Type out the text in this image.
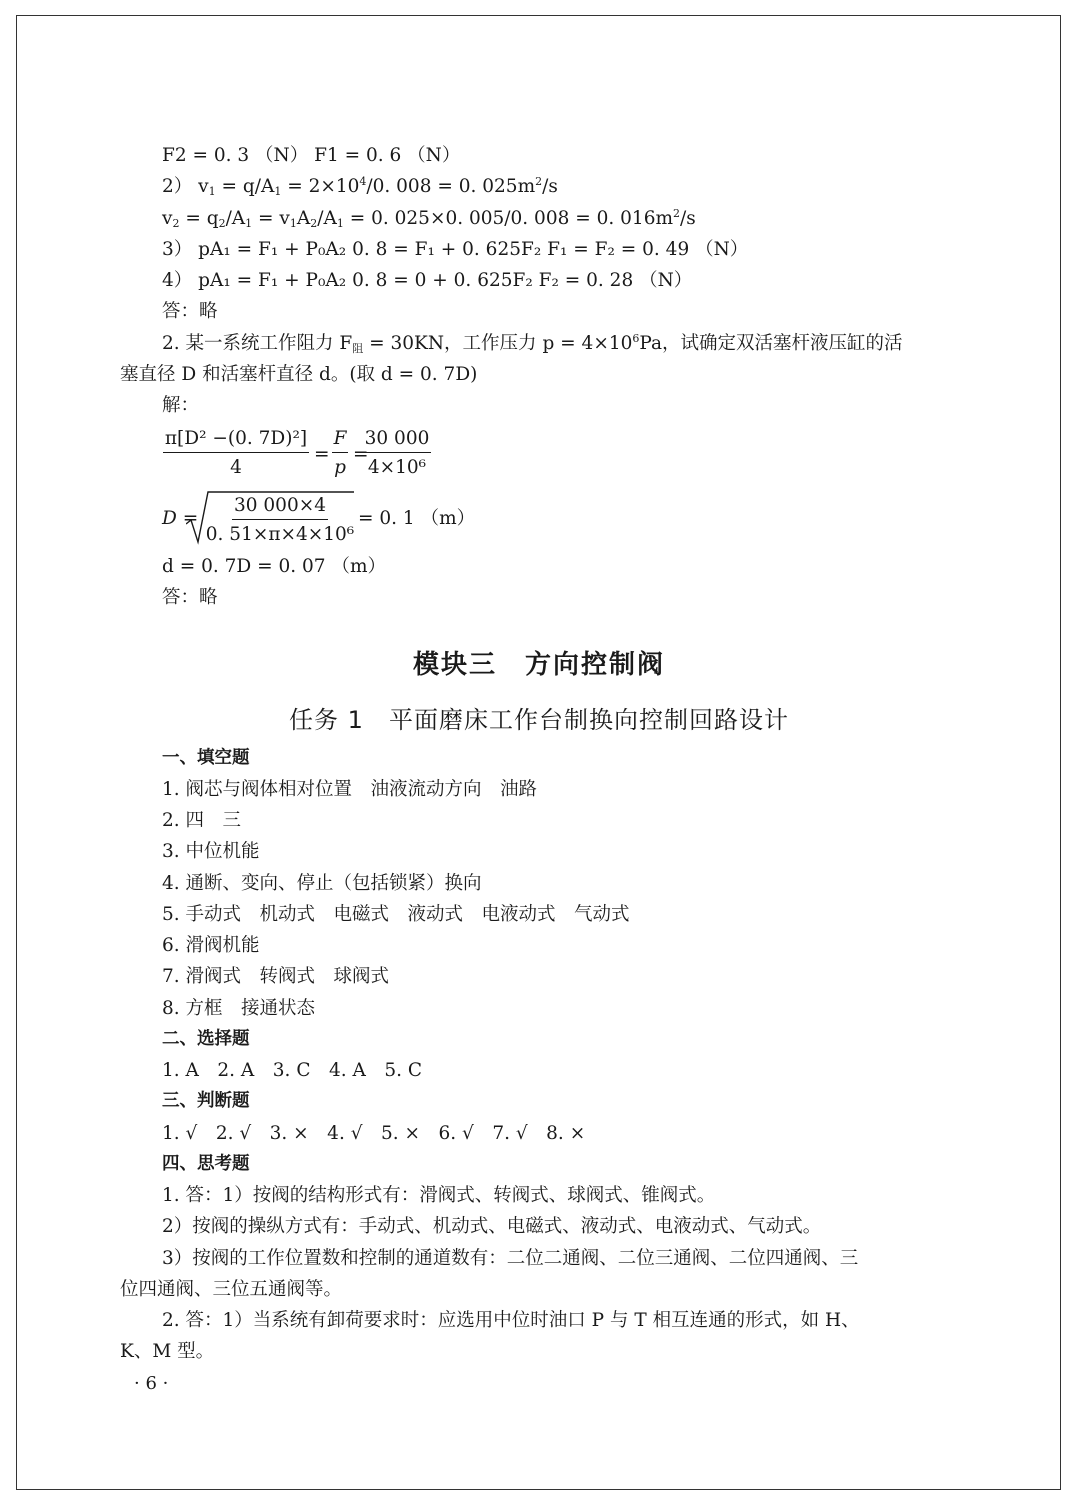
F2 = 0. 3 （N） F1 = 0. 6 （N）
2） $v_1 = q/A_1 = 2\times 10^4/0$. 008 = 0. $025m^2/s$
$v_2 = q_2/A_1 = v_1A_2/A_1 = 0$. 025×0. 005/0. 008 = 0. $016m^2/s$
3） pA₁ = F₁ + P₀A₂ 0. 8 = F₁ + 0. 625F₂ F₁ = F₂ = 0. 49 （N）
4） pA₁ = F₁ + P₀A₂ 0. 8 = 0 + 0. 625F₂ F₂ = 0. 28 （N）
答：略
2. 某一系统工作阻力 $F_阻 = 30KN$，工作压力 $p = 4\times 10^6Pa$，试确定双活塞杆液压缸的活
塞直径 D 和活塞杆直径 d。(取 d = 0. 7D)
解：
$\frac{\text{π[D² −(0. 7D)²]}}{4} = \frac{F}{p}$ =
$\frac{30 000}{\text{4×10⁶}}$
$D = \frac{30 000\times 4}{\text{0. 51×π×4×10⁶}} = 0$. 1 （m）
d = 0. 7D = 0. 07 （m）
答：略
模块三　方向控制阀
任务 1　平面磨床工作台制换向控制回路设计
一、填空题
1. 阀芯与阀体相对位置　油液流动方向　油路
2. 四　三
3. 中位机能
4. 通断、变向、停止（包括锁紧）换向
5. 手动式　机动式　电磁式　液动式　电液动式　气动式
6. 滑阀机能
7. 滑阀式　转阀式　球阀式
8. 方框　接通状态
二、选择题
1. A　2. A　3. C　4. A　5. C
三、判断题
1. √　2. √　3. ×　4. √　5. ×　6. √　7. √　8. ×
四、思考题
1. 答：1）按阀的结构形式有：滑阀式、转阀式、球阀式、锥阀式。
2）按阀的操纵方式有：手动式、机动式、电磁式、液动式、电液动式、气动式。
3）按阀的工作位置数和控制的通道数有：二位二通阀、二位三通阀、二位四通阀、三
位四通阀、三位五通阀等。
2. 答：1）当系统有卸荷要求时：应选用中位时油口 P 与 T 相互连通的形式，如 H、
K、M 型。
· 6 ·
